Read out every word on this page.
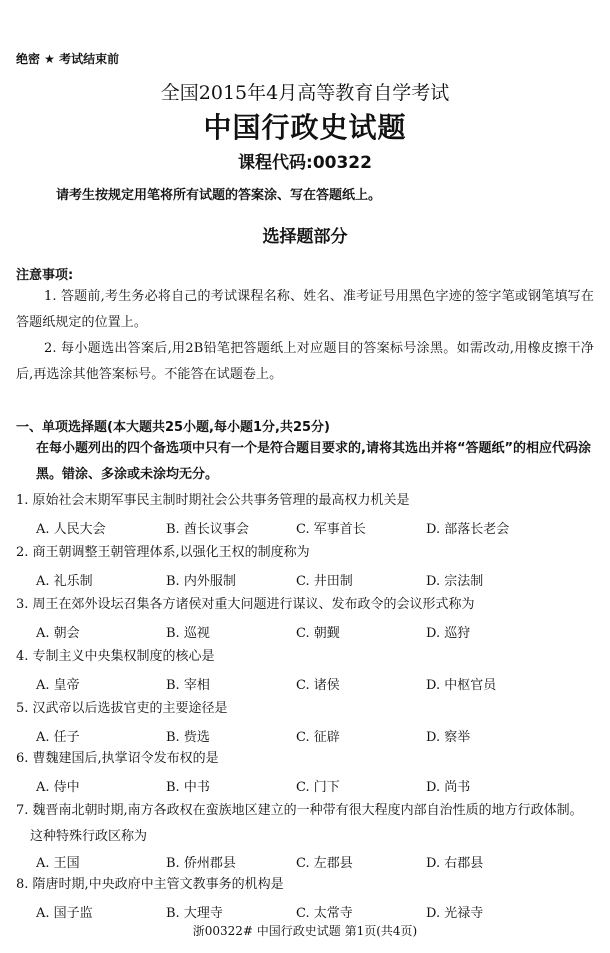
绝密 ★ 考试结束前
全国2015年4月高等教育自学考试
中国行政史试题
课程代码:00322
请考生按规定用笔将所有试题的答案涂、写在答题纸上。
选择题部分
注意事项:
1. 答题前,考生务必将自己的考试课程名称、姓名、准考证号用黑色字迹的签字笔或钢笔填写在答题纸规定的位置上。
2. 每小题选出答案后,用2B铅笔把答题纸上对应题目的答案标号涂黑。如需改动,用橡皮擦干净后,再选涂其他答案标号。不能答在试题卷上。
一、单项选择题(本大题共25小题,每小题1分,共25分)
在每小题列出的四个备选项中只有一个是符合题目要求的,请将其选出并将“答题纸”的相应代码涂黑。错涂、多涂或未涂均无分。
1. 原始社会末期军事民主制时期社会公共事务管理的最高权力机关是
A. 人民大会	B. 酋长议事会	C. 军事首长	D. 部落长老会
2. 商王朝调整王朝管理体系,以强化王权的制度称为
A. 礼乐制	B. 内外服制	C. 井田制	D. 宗法制
3. 周王在郊外设坛召集各方诸侯对重大问题进行谋议、发布政令的会议形式称为
A. 朝会	B. 巡视	C. 朝觐	D. 巡狩
4. 专制主义中央集权制度的核心是
A. 皇帝	B. 宰相	C. 诸侯	D. 中枢官员
5. 汉武帝以后选拔官吏的主要途径是
A. 任子	B. 赀选	C. 征辟	D. 察举
6. 曹魏建国后,执掌诏令发布权的是
A. 侍中	B. 中书	C. 门下	D. 尚书
7. 魏晋南北朝时期,南方各政权在蛮族地区建立的一种带有很大程度内部自治性质的地方行政体制。这种特殊行政区称为
A. 王国	B. 侨州郡县	C. 左郡县	D. 右郡县
8. 隋唐时期,中央政府中主管文教事务的机构是
A. 国子监	B. 大理寺	C. 太常寺	D. 光禄寺
浙00322# 中国行政史试题 第1页(共4页)
